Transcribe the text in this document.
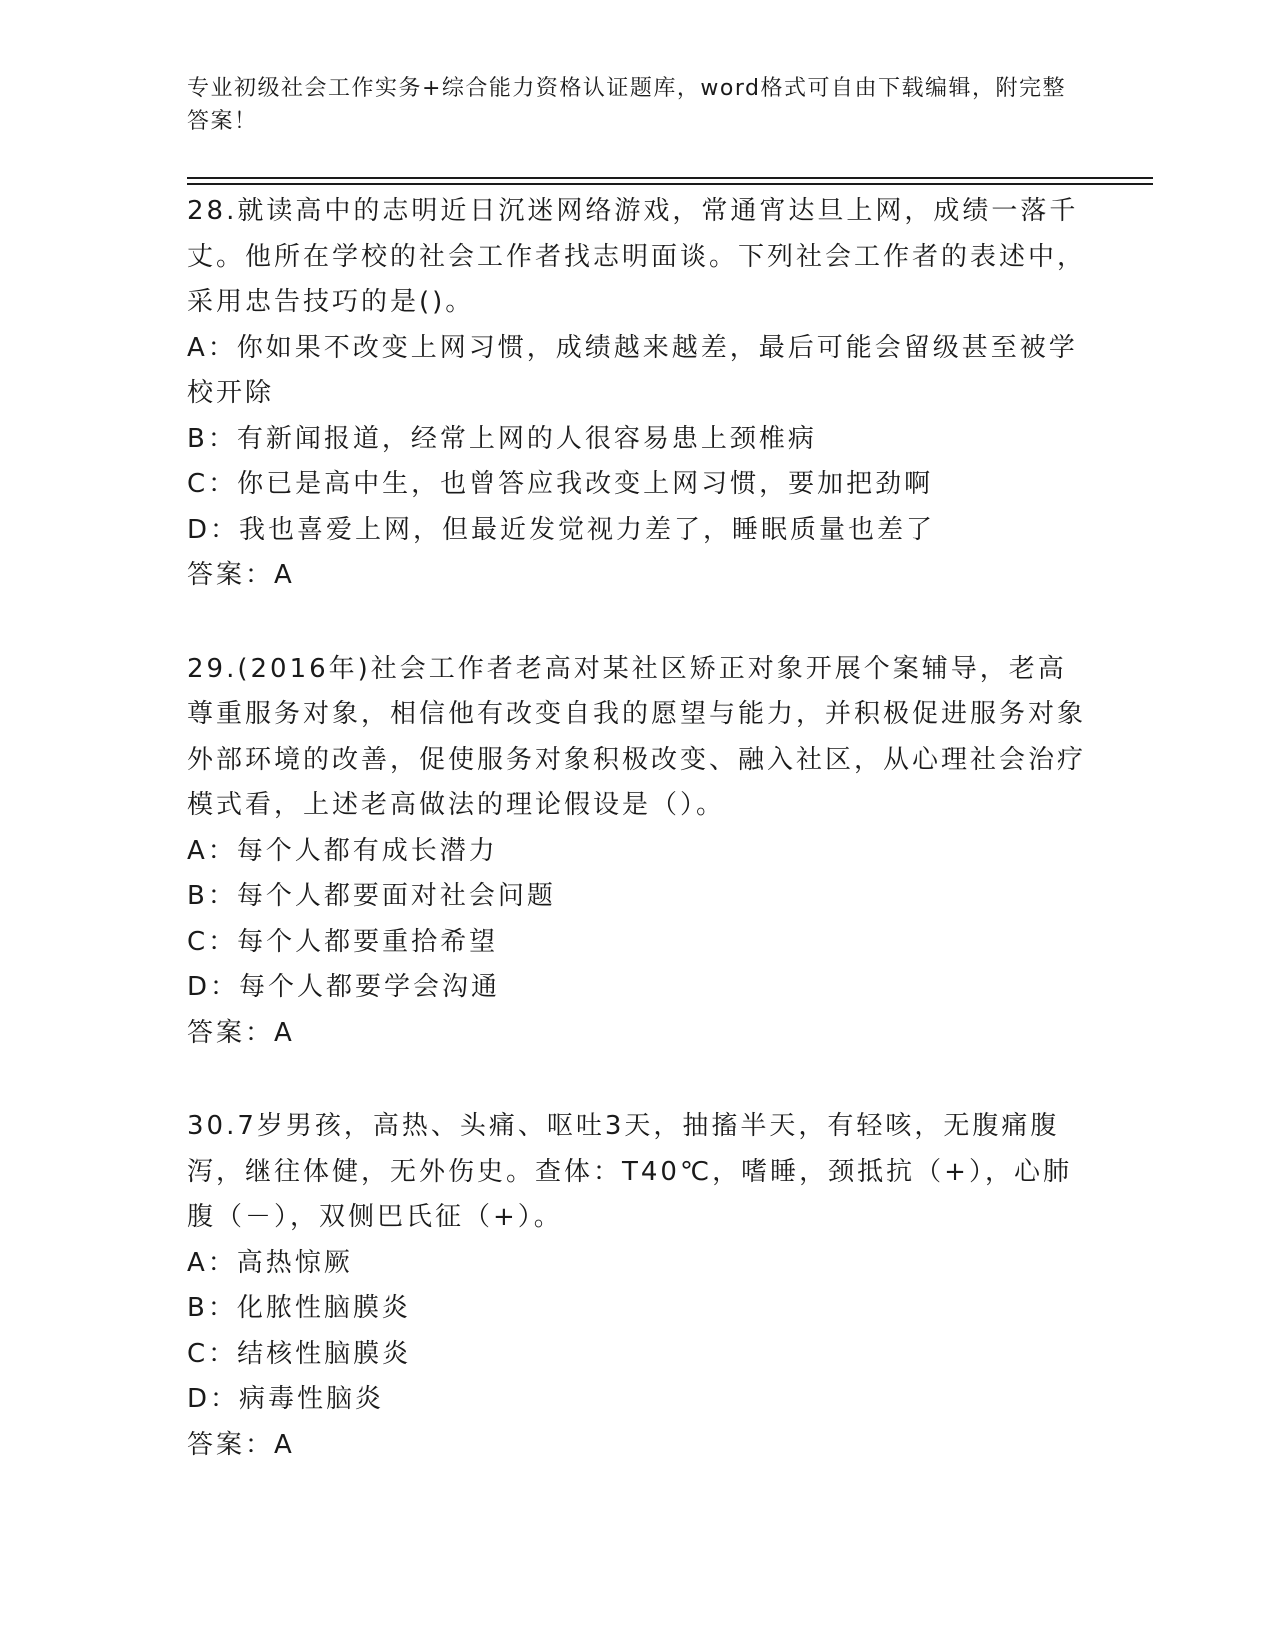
专业初级社会工作实务+综合能力资格认证题库，word格式可自由下载编辑，附完整答案！
28.就读高中的志明近日沉迷网络游戏，常通宵达旦上网，成绩一落千丈。他所在学校的社会工作者找志明面谈。下列社会工作者的表述中，采用忠告技巧的是()。
A：你如果不改变上网习惯，成绩越来越差，最后可能会留级甚至被学校开除
B：有新闻报道，经常上网的人很容易患上颈椎病
C：你已是高中生，也曾答应我改变上网习惯，要加把劲啊
D：我也喜爱上网，但最近发觉视力差了，睡眠质量也差了
答案：A
29.(2016年)社会工作者老高对某社区矫正对象开展个案辅导，老高尊重服务对象，相信他有改变自我的愿望与能力，并积极促进服务对象外部环境的改善，促使服务对象积极改变、融入社区，从心理社会治疗模式看，上述老高做法的理论假设是（）。
A：每个人都有成长潜力
B：每个人都要面对社会问题
C：每个人都要重拾希望
D：每个人都要学会沟通
答案：A
30.7岁男孩，高热、头痛、呕吐3天，抽搐半天，有轻咳，无腹痛腹泻，继往体健，无外伤史。查体：T40℃，嗜睡，颈抵抗（+），心肺腹（－），双侧巴氏征（+）。
A：高热惊厥
B：化脓性脑膜炎
C：结核性脑膜炎
D：病毒性脑炎
答案：A
